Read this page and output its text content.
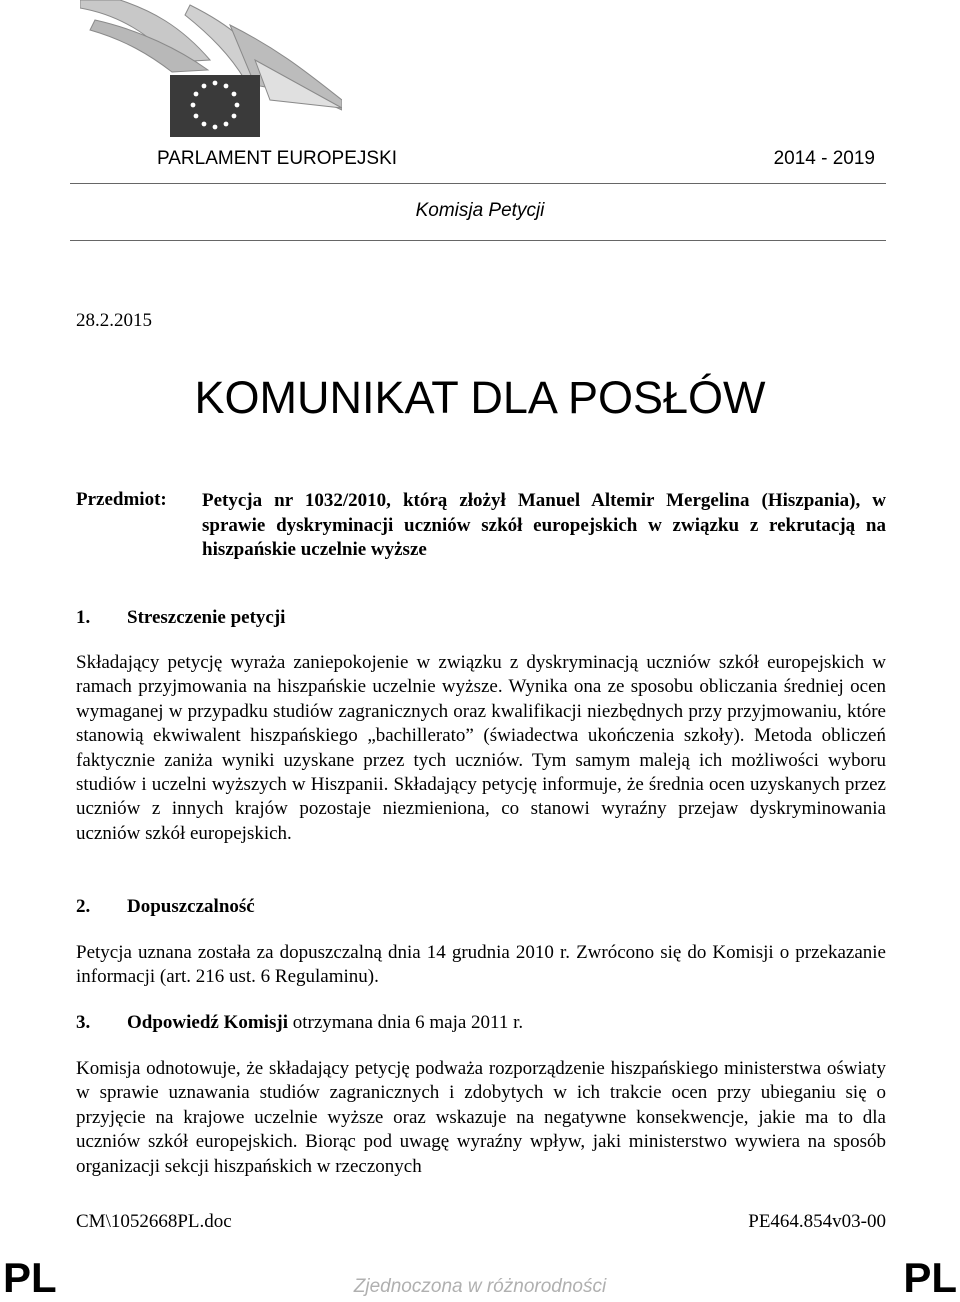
PARLAMENT EUROPEJSKI	2014 - 2019
Komisja Petycji
28.2.2015
KOMUNIKAT DLA POSŁÓW
Przedmiot: Petycja nr 1032/2010, którą złożył Manuel Altemir Mergelina (Hiszpania), w sprawie dyskryminacji uczniów szkół europejskich w związku z rekrutacją na hiszpańskie uczelnie wyższe
1. Streszczenie petycji
Składający petycję wyraża zaniepokojenie w związku z dyskryminacją uczniów szkół europejskich w ramach przyjmowania na hiszpańskie uczelnie wyższe. Wynika ona ze sposobu obliczania średniej ocen wymaganej w przypadku studiów zagranicznych oraz kwalifikacji niezbędnych przy przyjmowaniu, które stanowią ekwiwalent hiszpańskiego „bachillerato” (świadectwa ukończenia szkoły). Metoda obliczeń faktycznie zaniża wyniki uzyskane przez tych uczniów. Tym samym maleją ich możliwości wyboru studiów i uczelni wyższych w Hiszpanii. Składający petycję informuje, że średnia ocen uzyskanych przez uczniów z innych krajów pozostaje niezmieniona, co stanowi wyraźny przejaw dyskryminowania uczniów szkół europejskich.
2. Dopuszczalność
Petycja uznana została za dopuszczalną dnia 14 grudnia 2010 r. Zwrócono się do Komisji o przekazanie informacji (art. 216 ust. 6 Regulaminu).
3. Odpowiedź Komisji otrzymana dnia 6 maja 2011 r.
Komisja odnotowuje, że składający petycję podważa rozporządzenie hiszpańskiego ministerstwa oświaty w sprawie uznawania studiów zagranicznych i zdobytych w ich trakcie ocen przy ubieganiu się o przyjęcie na krajowe uczelnie wyższe oraz wskazuje na negatywne konsekwencje, jakie ma to dla uczniów szkół europejskich. Biorąc pod uwagę wyraźny wpływ, jaki ministerstwo wywiera na sposób organizacji sekcji hiszpańskich w rzeczonych
CM\1052668PL.doc	PE464.854v03-00
PL	PL
Zjednoczona w różnorodności
